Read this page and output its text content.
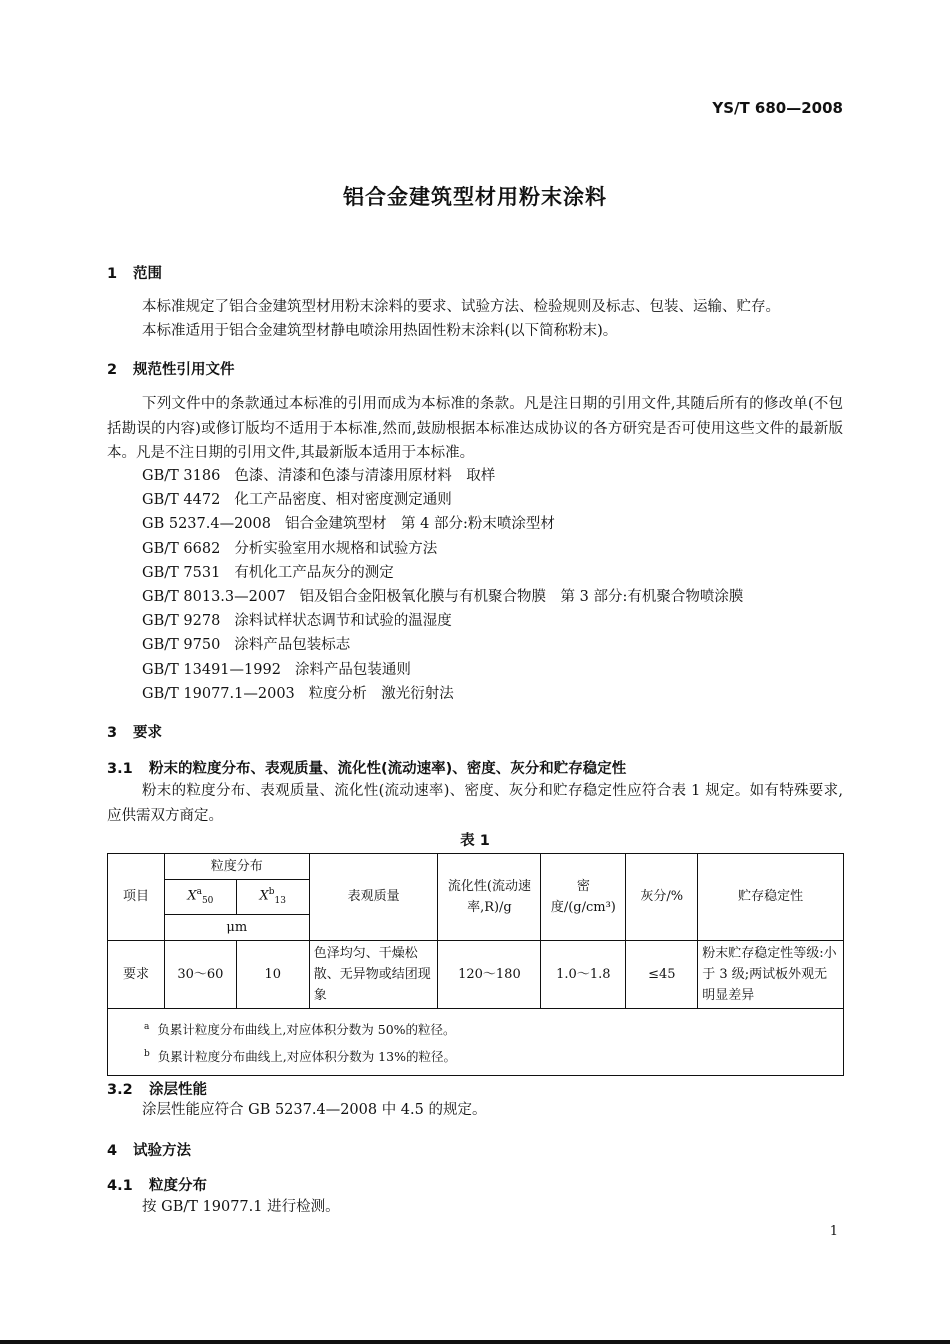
YS/T 680—2008
铝合金建筑型材用粉末涂料
1 范围
本标准规定了铝合金建筑型材用粉末涂料的要求、试验方法、检验规则及标志、包装、运输、贮存。
本标准适用于铝合金建筑型材静电喷涂用热固性粉末涂料(以下简称粉末)。
2 规范性引用文件
下列文件中的条款通过本标准的引用而成为本标准的条款。凡是注日期的引用文件,其随后所有的修改单(不包括勘误的内容)或修订版均不适用于本标准,然而,鼓励根据本标准达成协议的各方研究是否可使用这些文件的最新版本。凡是不注日期的引用文件,其最新版本适用于本标准。
GB/T 3186 色漆、清漆和色漆与清漆用原材料　取样
GB/T 4472 化工产品密度、相对密度测定通则
GB 5237.4—2008 铝合金建筑型材　第 4 部分:粉末喷涂型材
GB/T 6682 分析实验室用水规格和试验方法
GB/T 7531 有机化工产品灰分的测定
GB/T 8013.3—2007 铝及铝合金阳极氧化膜与有机聚合物膜　第 3 部分:有机聚合物喷涂膜
GB/T 9278 涂料试样状态调节和试验的温湿度
GB/T 9750 涂料产品包装标志
GB/T 13491—1992 涂料产品包装通则
GB/T 19077.1—2003 粒度分析　激光衍射法
3 要求
3.1 粉末的粒度分布、表观质量、流化性(流动速率)、密度、灰分和贮存稳定性
粉末的粒度分布、表观质量、流化性(流动速率)、密度、灰分和贮存稳定性应符合表 1 规定。如有特殊要求,应供需双方商定。
表 1
项目	粒度分布		表观质量	流化性(流动速率,R)/g	密度/(g/cm³)	灰分/%	贮存稳定性
	$X^a_{50}$	$X^b_{13}$
	μm						
要求	30～60	10	色泽均匀、干燥松散、无异物或结团现象	120～180	1.0～1.8	≤45	粉末贮存稳定性等级:小于 3 级;两试板外观无明显差异

$^a$ 负累计粒度分布曲线上,对应体积分数为 50%的粒径。
$^b$ 负累计粒度分布曲线上,对应体积分数为 13%的粒径。							
3.2 涂层性能
涂层性能应符合 GB 5237.4—2008 中 4.5 的规定。
4 试验方法
4.1 粒度分布
按 GB/T 19077.1 进行检测。
1
